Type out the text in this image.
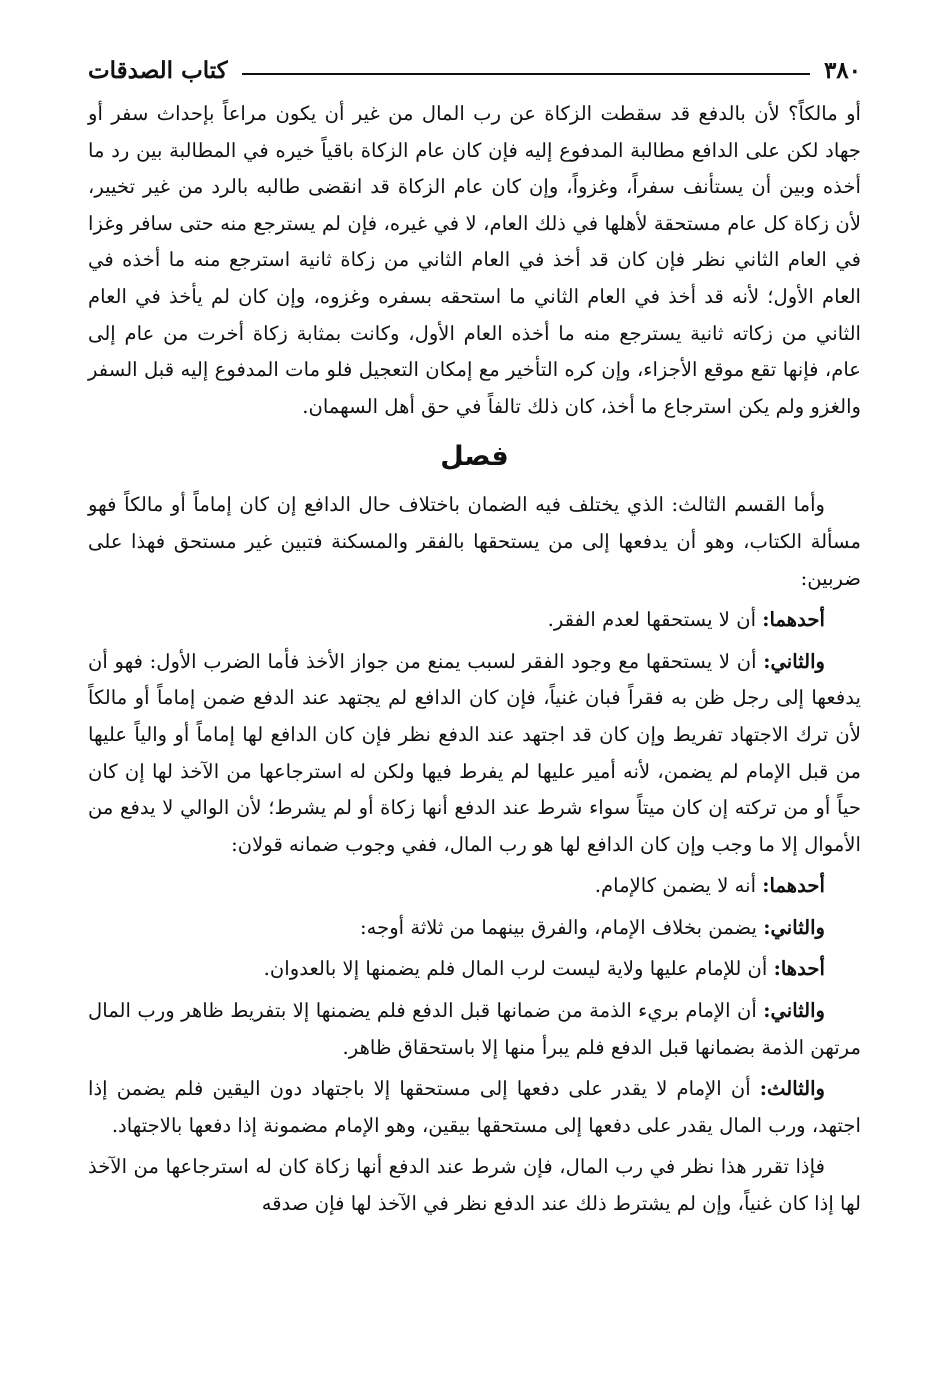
٣٨٠
كتاب الصدقات

أو مالكاً؟ لأن بالدفع قد سقطت الزكاة عن رب المال من غير أن يكون مراعاً بإحداث سفر أو جهاد لكن على الدافع مطالبة المدفوع إليه فإن كان عام الزكاة باقياً خيره في المطالبة بين رد ما أخذه وبين أن يستأنف سفراً، وغزواً، وإن كان عام الزكاة قد انقضى طالبه بالرد من غير تخيير، لأن زكاة كل عام مستحقة لأهلها في ذلك العام، لا في غيره، فإن لم يسترجع منه حتى سافر وغزا في العام الثاني نظر فإن كان قد أخذ في العام الثاني من زكاة ثانية استرجع منه ما أخذه في العام الأول؛ لأنه قد أخذ في العام الثاني ما استحقه بسفره وغزوه، وإن كان لم يأخذ في العام الثاني من زكاته ثانية يسترجع منه ما أخذه العام الأول، وكانت بمثابة زكاة أخرت من عام إلى عام، فإنها تقع موقع الأجزاء، وإن كره التأخير مع إمكان التعجيل فلو مات المدفوع إليه قبل السفر والغزو ولم يكن استرجاع ما أخذ، كان ذلك تالفاً في حق أهل السهمان.

فصل

وأما القسم الثالث: الذي يختلف فيه الضمان باختلاف حال الدافع إن كان إماماً أو مالكاً فهو مسألة الكتاب، وهو أن يدفعها إلى من يستحقها بالفقر والمسكنة فتبين غير مستحق فهذا على ضربين:

أحدهما: أن لا يستحقها لعدم الفقر.

والثاني: أن لا يستحقها مع وجود الفقر لسبب يمنع من جواز الأخذ فأما الضرب الأول: فهو أن يدفعها إلى رجل ظن به فقراً فبان غنياً، فإن كان الدافع لم يجتهد عند الدفع ضمن إماماً أو مالكاً لأن ترك الاجتهاد تفريط وإن كان قد اجتهد عند الدفع نظر فإن كان الدافع لها إماماً أو والياً عليها من قبل الإمام لم يضمن، لأنه أمير عليها لم يفرط فيها ولكن له استرجاعها من الآخذ لها إن كان حياً أو من تركته إن كان ميتاً سواء شرط عند الدفع أنها زكاة أو لم يشرط؛ لأن الوالي لا يدفع من الأموال إلا ما وجب وإن كان الدافع لها هو رب المال، ففي وجوب ضمانه قولان:

أحدهما: أنه لا يضمن كالإمام.

والثاني: يضمن بخلاف الإمام، والفرق بينهما من ثلاثة أوجه:

أحدها: أن للإمام عليها ولاية ليست لرب المال فلم يضمنها إلا بالعدوان.

والثاني: أن الإمام بريء الذمة من ضمانها قبل الدفع فلم يضمنها إلا بتفريط ظاهر ورب المال مرتهن الذمة بضمانها قبل الدفع فلم يبرأ منها إلا باستحقاق ظاهر.

والثالث: أن الإمام لا يقدر على دفعها إلى مستحقها إلا باجتهاد دون اليقين فلم يضمن إذا اجتهد، ورب المال يقدر على دفعها إلى مستحقها بيقين، وهو الإمام مضمونة إذا دفعها بالاجتهاد.

فإذا تقرر هذا نظر في رب المال، فإن شرط عند الدفع أنها زكاة كان له استرجاعها من الآخذ لها إذا كان غنياً، وإن لم يشترط ذلك عند الدفع نظر في الآخذ لها فإن صدقه
